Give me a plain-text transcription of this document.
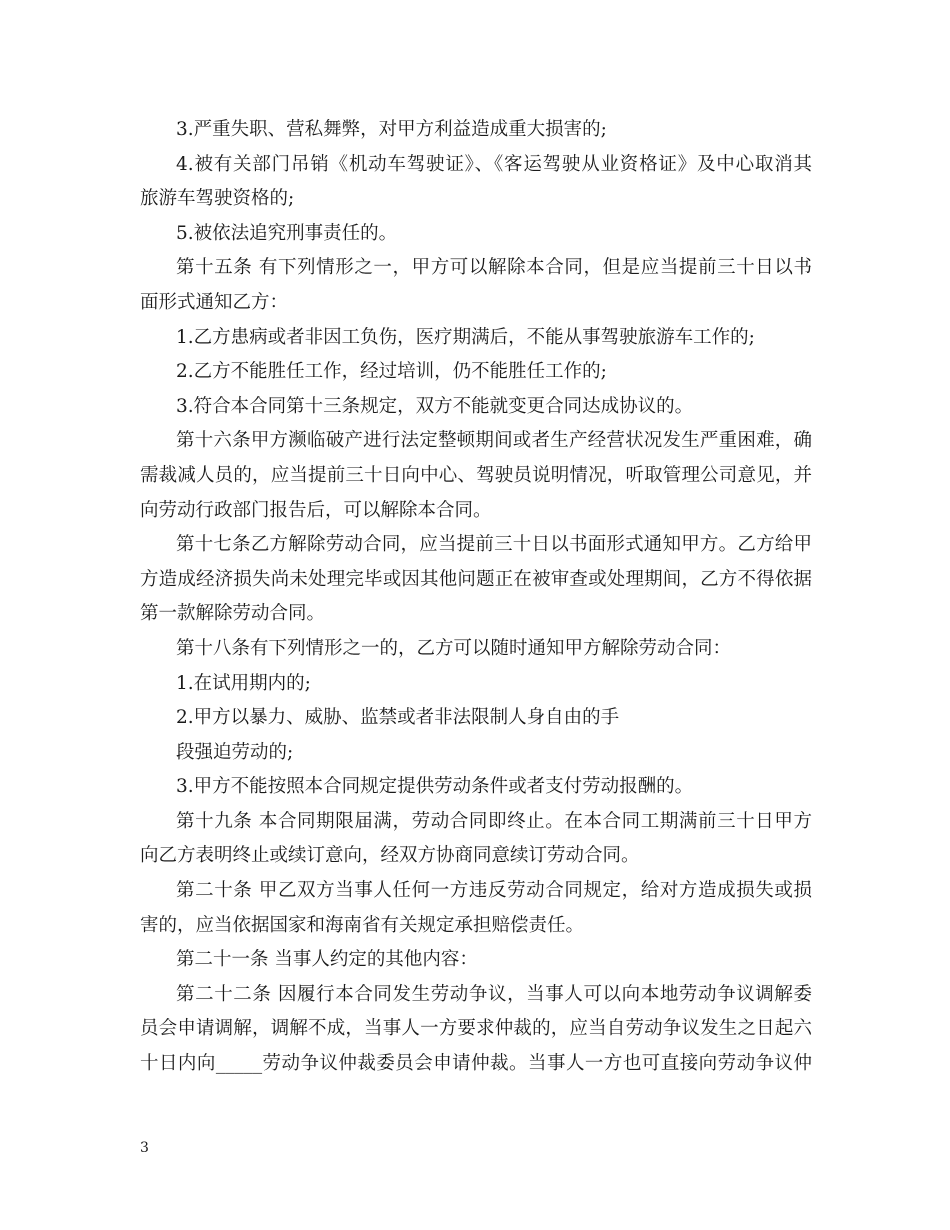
3.严重失职、营私舞弊，对甲方利益造成重大损害的;
4.被有关部门吊销《机动车驾驶证》、《客运驾驶从业资格证》及中心取消其
旅游车驾驶资格的;
5.被依法追究刑事责任的。
第十五条 有下列情形之一，甲方可以解除本合同，但是应当提前三十日以书
面形式通知乙方：
1.乙方患病或者非因工负伤，医疗期满后，不能从事驾驶旅游车工作的;
2.乙方不能胜任工作，经过培训，仍不能胜任工作的;
3.符合本合同第十三条规定，双方不能就变更合同达成协议的。
第十六条甲方濒临破产进行法定整顿期间或者生产经营状况发生严重困难，确
需裁减人员的，应当提前三十日向中心、驾驶员说明情况，听取管理公司意见，并
向劳动行政部门报告后，可以解除本合同。
第十七条乙方解除劳动合同，应当提前三十日以书面形式通知甲方。乙方给甲
方造成经济损失尚未处理完毕或因其他问题正在被审查或处理期间，乙方不得依据
第一款解除劳动合同。
第十八条有下列情形之一的，乙方可以随时通知甲方解除劳动合同：
1.在试用期内的;
2.甲方以暴力、威胁、监禁或者非法限制人身自由的手
段强迫劳动的;
3.甲方不能按照本合同规定提供劳动条件或者支付劳动报酬的。
第十九条 本合同期限届满，劳动合同即终止。在本合同工期满前三十日甲方
向乙方表明终止或续订意向，经双方协商同意续订劳动合同。
第二十条 甲乙双方当事人任何一方违反劳动合同规定，给对方造成损失或损
害的，应当依据国家和海南省有关规定承担赔偿责任。
第二十一条 当事人约定的其他内容：
第二十二条 因履行本合同发生劳动争议，当事人可以向本地劳动争议调解委
员会申请调解，调解不成，当事人一方要求仲裁的，应当自劳动争议发生之日起六
十日内向_____劳动争议仲裁委员会申请仲裁。当事人一方也可直接向劳动争议仲
3
